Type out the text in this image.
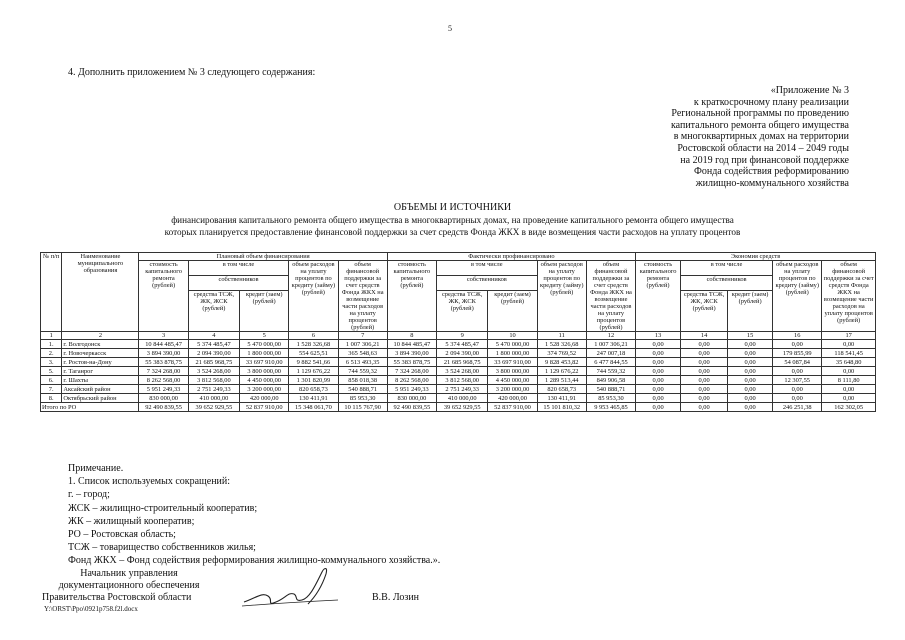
5
4. Дополнить приложением № 3 следующего содержания:
«Приложение № 3
к краткосрочному плану реализации
Региональной программы по проведению
капитального ремонта общего имущества
в многоквартирных домах на территории
Ростовской области на 2014 – 2049 годы
на 2019 год при финансовой поддержке
Фонда содействия реформированию
жилищно-коммунального хозяйства
ОБЪЕМЫ И ИСТОЧНИКИ
финансирования капитального ремонта общего имущества в многоквартирных домах, на проведение капитального ремонта общего имущества
которых планируется предоставление финансовой поддержки за счет средств Фонда ЖКХ в виде возмещения части расходов на уплату процентов
№ п/п	Наименование муниципального образования	Плановый объем финансирования					Фактически профинансировано					Экономия средств				
		стоимость капитального ремонта (рублей)	в том числе		объем расходов на уплату процентов по кредиту (займу) (рублей)	объем финансовой поддержки за счет средств Фонда ЖКХ на возмещение части расходов на уплату процентов (рублей)	стоимость капитального ремонта (рублей)	в том числе		объем расходов на уплату процентов по кредиту (займу) (рублей)	объем финансовой поддержки за счет средств Фонда ЖКХ на возмещение части расходов на уплату процентов (рублей)	стоимость капитального ремонта (рублей)	в том числе		объем расходов на уплату процентов по кредиту (займу) (рублей)	объем финансовой поддержки за счет средств Фонда ЖКХ на возмещение части расходов на уплату процентов (рублей)
			собственников					собственников					собственников			
			средства ТСЖ, ЖК, ЖСК (рублей)	кредит (заем) (рублей)				средства ТСЖ, ЖК, ЖСК (рублей)	кредит (заем) (рублей)				средства ТСЖ, ЖК, ЖСК (рублей)	кредит (заем) (рублей)		
1	2	3	4	5	6	7	8	9	10	11	12	13	14	15	16	17
1.	г. Волгодонск	10 844 485,47	5 374 485,47	5 470 000,00	1 528 326,68	1 007 306,21	10 844 485,47	5 374 485,47	5 470 000,00	1 528 326,68	1 007 306,21	0,00	0,00	0,00	0,00	0,00
2.	г. Новочеркасск	3 894 390,00	2 094 390,00	1 800 000,00	554 625,51	365 548,63	3 894 390,00	2 094 390,00	1 800 000,00	374 769,52	247 007,18	0,00	0,00	0,00	179 855,99	118 541,45
3.	г. Ростов-на-Дону	55 383 878,75	21 685 968,75	33 697 910,00	9 882 541,66	6 513 493,35	55 383 878,75	21 685 968,75	33 697 910,00	9 828 453,82	6 477 844,55	0,00	0,00	0,00	54 087,84	35 648,80
5.	г. Таганрог	7 324 268,00	3 524 268,00	3 800 000,00	1 129 676,22	744 559,32	7 324 268,00	3 524 268,00	3 800 000,00	1 129 676,22	744 559,32	0,00	0,00	0,00	0,00	0,00
6.	г. Шахты	8 262 568,00	3 812 568,00	4 450 000,00	1 301 820,99	858 018,38	8 262 568,00	3 812 568,00	4 450 000,00	1 289 513,44	849 906,58	0,00	0,00	0,00	12 307,55	8 111,80
7.	Аксайский район	5 951 249,33	2 751 249,33	3 200 000,00	820 658,73	540 888,71	5 951 249,33	2 751 249,33	3 200 000,00	820 658,73	540 888,71	0,00	0,00	0,00	0,00	0,00
8.	Октябрьский район	830 000,00	410 000,00	420 000,00	130 411,91	85 953,30	830 000,00	410 000,00	420 000,00	130 411,91	85 953,30	0,00	0,00	0,00	0,00	0,00
Итого по РО		92 490 839,55	39 652 929,55	52 837 910,00	15 348 061,70	10 115 767,90	92 490 839,55	39 652 929,55	52 837 910,00	15 101 810,32	9 953 465,85	0,00	0,00	0,00	246 251,38	162 302,05
Примечание.
1. Список используемых сокращений:
г. – город;
ЖСК – жилищно-строительный кооператив;
ЖК – жилищный кооператив;
РО – Ростовская область;
ТСЖ – товарищество собственников жилья;
Фонд ЖКХ – Фонд содействия реформирования жилищно-коммунального хозяйства.».
Начальник управления
документационного обеспечения
Правительства Ростовской области	В.В. Лозин
Y:\ORST\Ppo\0921p758.f2l.docx
